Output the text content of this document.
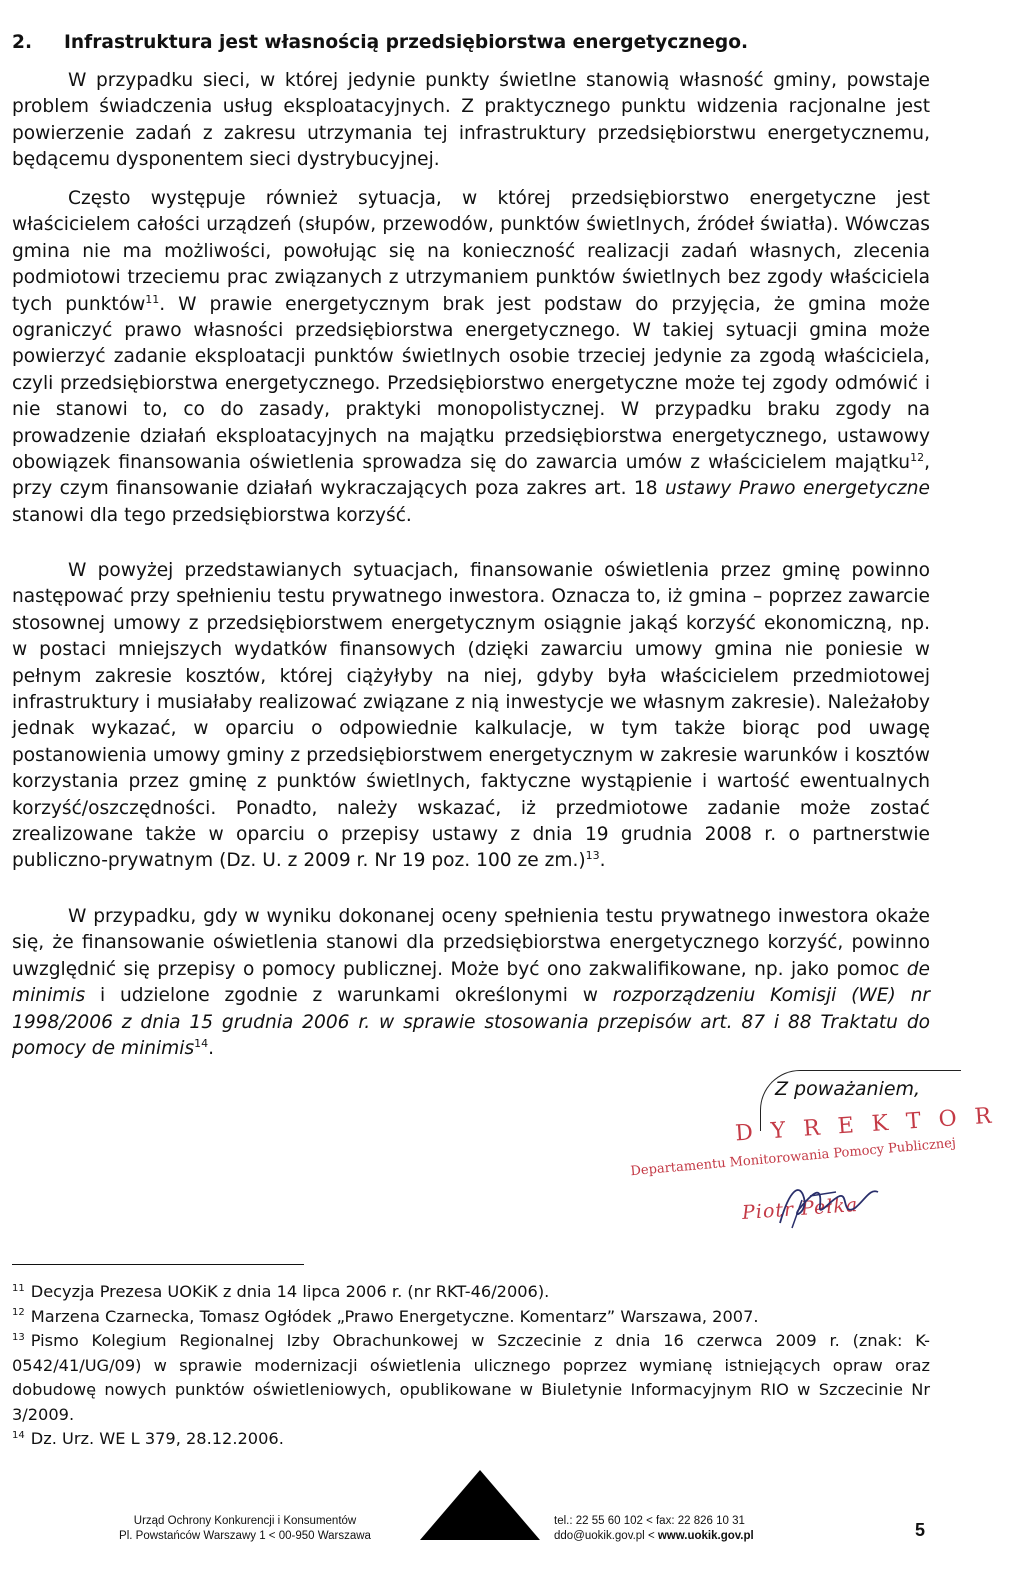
2. Infrastruktura jest własnością przedsiębiorstwa energetycznego.

W przypadku sieci, w której jedynie punkty świetlne stanowią własność gminy, powstaje problem świadczenia usług eksploatacyjnych. Z praktycznego punktu widzenia racjonalne jest powierzenie zadań z zakresu utrzymania tej infrastruktury przedsiębiorstwu energetycznemu, będącemu dysponentem sieci dystrybucyjnej.

Często występuje również sytuacja, w której przedsiębiorstwo energetyczne jest właścicielem całości urządzeń (słupów, przewodów, punktów świetlnych, źródeł światła). Wówczas gmina nie ma możliwości, powołując się na konieczność realizacji zadań własnych, zlecenia podmiotowi trzeciemu prac związanych z utrzymaniem punktów świetlnych bez zgody właściciela tych punktów$^{11}$. W prawie energetycznym brak jest podstaw do przyjęcia, że gmina może ograniczyć prawo własności przedsiębiorstwa energetycznego. W takiej sytuacji gmina może powierzyć zadanie eksploatacji punktów świetlnych osobie trzeciej jedynie za zgodą właściciela, czyli przedsiębiorstwa energetycznego. Przedsiębiorstwo energetyczne może tej zgody odmówić i nie stanowi to, co do zasady, praktyki monopolistycznej. W przypadku braku zgody na prowadzenie działań eksploatacyjnych na majątku przedsiębiorstwa energetycznego, ustawowy obowiązek finansowania oświetlenia sprowadza się do zawarcia umów z właścicielem majątku$^{12}$, przy czym finansowanie działań wykraczających poza zakres art. 18 ustawy Prawo energetyczne stanowi dla tego przedsiębiorstwa korzyść.

W powyżej przedstawianych sytuacjach, finansowanie oświetlenia przez gminę powinno następować przy spełnieniu testu prywatnego inwestora. Oznacza to, iż gmina – poprzez zawarcie stosownej umowy z przedsiębiorstwem energetycznym osiągnie jakąś korzyść ekonomiczną, np. w postaci mniejszych wydatków finansowych (dzięki zawarciu umowy gmina nie poniesie w pełnym zakresie kosztów, której ciążyłyby na niej, gdyby była właścicielem przedmiotowej infrastruktury i musiałaby realizować związane z nią inwestycje we własnym zakresie). Należałoby jednak wykazać, w oparciu o odpowiednie kalkulacje, w tym także biorąc pod uwagę postanowienia umowy gminy z przedsiębiorstwem energetycznym w zakresie warunków i kosztów korzystania przez gminę z punktów świetlnych, faktyczne wystąpienie i wartość ewentualnych korzyść/oszczędności. Ponadto, należy wskazać, iż przedmiotowe zadanie może zostać zrealizowane także w oparciu o przepisy ustawy z dnia 19 grudnia 2008 r. o partnerstwie publiczno-prywatnym (Dz. U. z 2009 r. Nr 19 poz. 100 ze zm.)$^{13}$.

W przypadku, gdy w wyniku dokonanej oceny spełnienia testu prywatnego inwestora okaże się, że finansowanie oświetlenia stanowi dla przedsiębiorstwa energetycznego korzyść, powinno uwzględnić się przepisy o pomocy publicznej. Może być ono zakwalifikowane, np. jako pomoc de minimis i udzielone zgodnie z warunkami określonymi w rozporządzeniu Komisji (WE) nr 1998/2006 z dnia 15 grudnia 2006 r. w sprawie stosowania przepisów art. 87 i 88 Traktatu do pomocy de minimis$^{14}$.

Z poważaniem,
DYREKTOR
Departamentu Monitorowania Pomocy Publicznej
Piotr Pełka

$^{11}$ Decyzja Prezesa UOKiK z dnia 14 lipca 2006 r. (nr RKT-46/2006).

$^{12}$ Marzena Czarnecka, Tomasz Ogłódek „Prawo Energetyczne. Komentarz” Warszawa, 2007.

$^{13}$ Pismo Kolegium Regionalnej Izby Obrachunkowej w Szczecinie z dnia 16 czerwca 2009 r. (znak: K-0542/41/UG/09) w sprawie modernizacji oświetlenia ulicznego poprzez wymianę istniejących opraw oraz dobudowę nowych punktów oświetleniowych, opublikowane w Biuletynie Informacyjnym RIO w Szczecinie Nr 3/2009.

$^{14}$ Dz. Urz. WE L 379, 28.12.2006.

Urząd Ochrony Konkurencji i Konsumentów
Pl. Powstańców Warszawy 1 < 00-950 Warszawa
tel.: 22 55 60 102 < fax: 22 826 10 31
ddo@uokik.gov.pl < www.uokik.gov.pl	5
